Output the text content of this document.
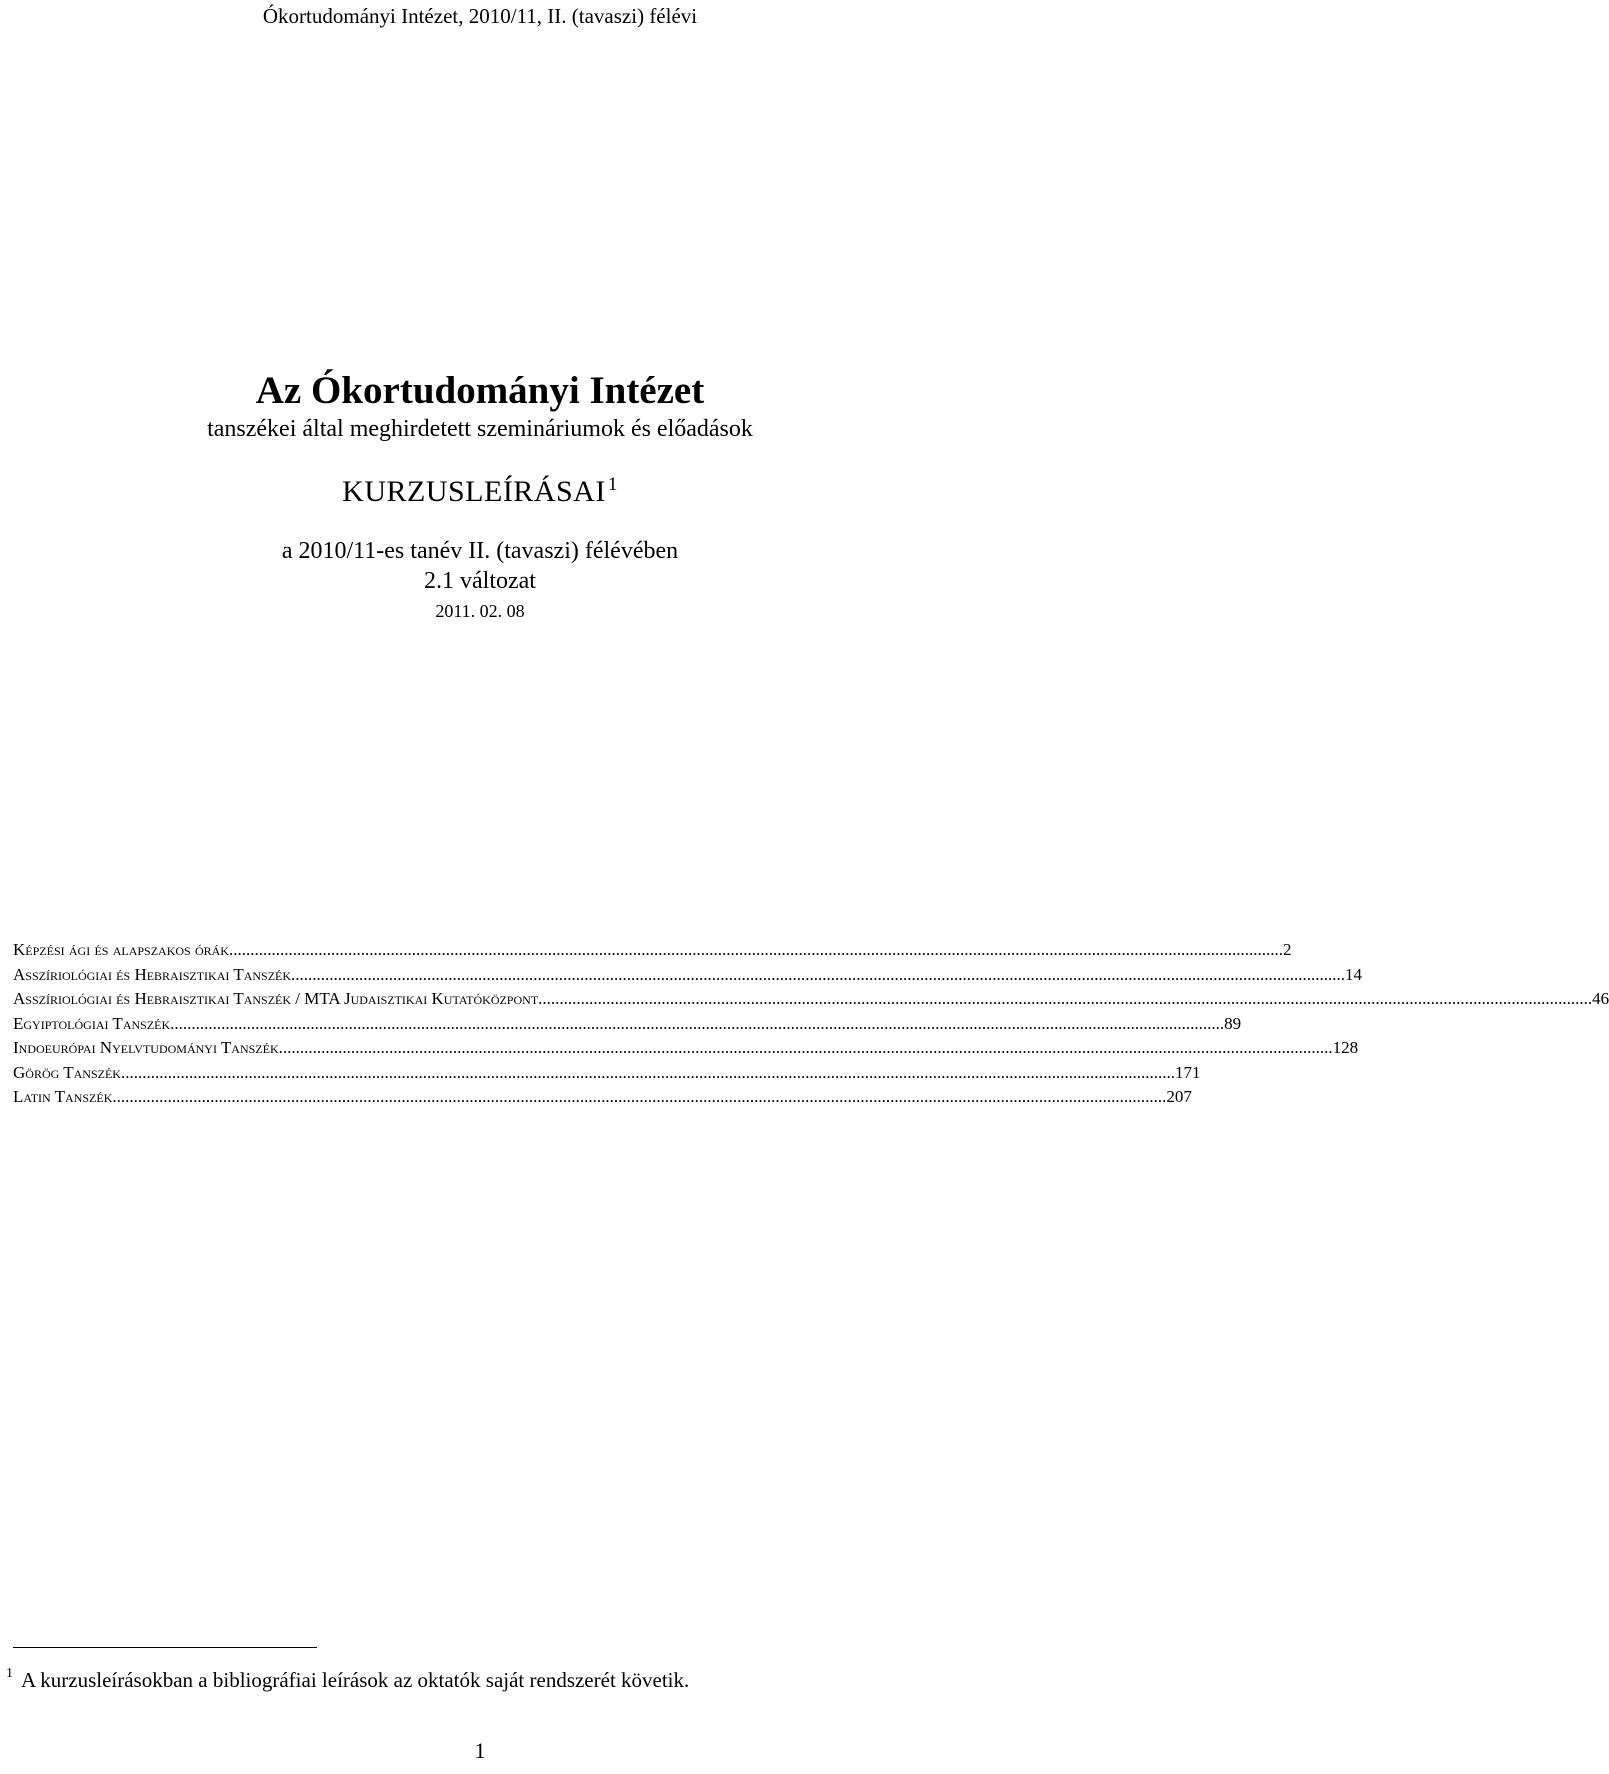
Ókortudományi Intézet, 2010/11, II. (tavaszi) félévi
Az Ókortudományi Intézet
tanszékei által meghirdetett szemináriumok és előadások
KURZUSLEÍRÁSAI $^1$
a 2010/11-es tanév II. (tavaszi) félévében
2.1 változat
2011. 02. 08
Képzési ági és alapszakos órák .....	2
Asszíriológiai és Hebraisztikai Tanszék .....	14
Asszíriológiai és Hebraisztikai Tanszék / MTA Judaisztikai Kutatóközpont .....	46
Egyiptológiai Tanszék .....	89
Indoeurópai Nyelvtudományi Tanszék .....	128
Görög Tanszék .....	171
Latin Tanszék .....	207
$^1$ A kurzusleírásokban a bibliográfiai leírások az oktatók saját rendszerét követik.
1
